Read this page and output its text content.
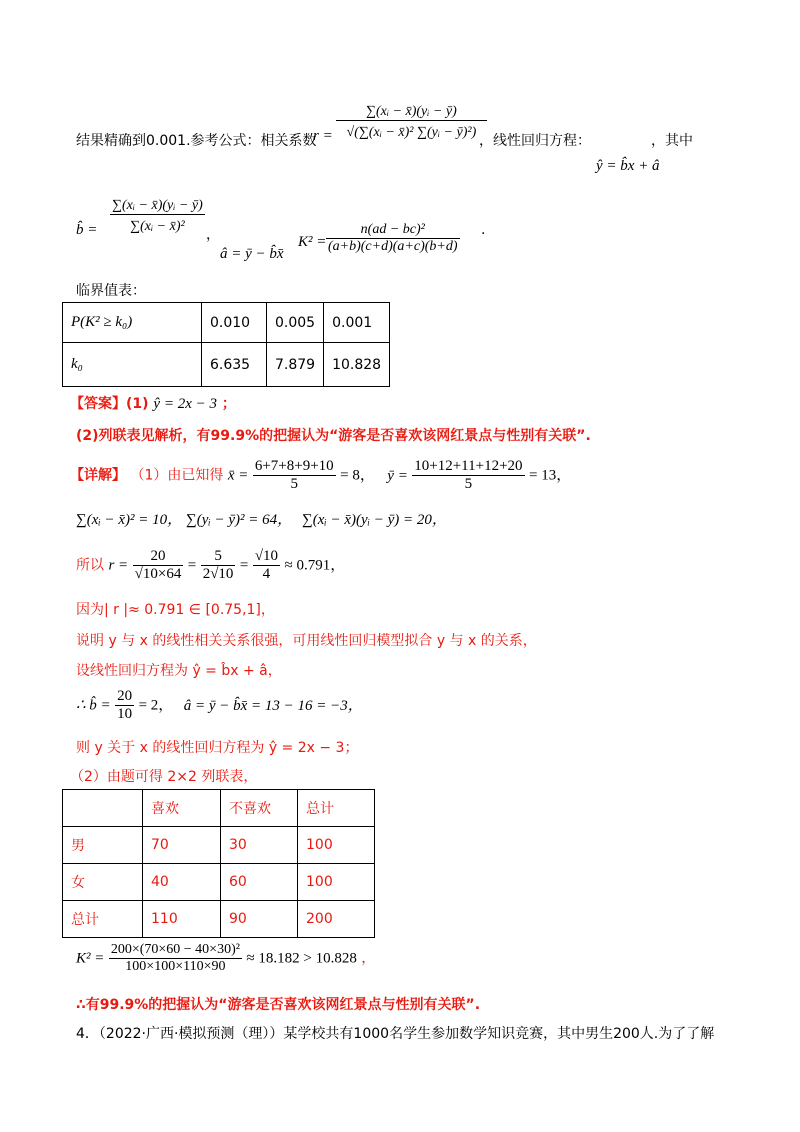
结果精确到0.001.参考公式：相关系数
$r = \frac{\text{∑(xᵢ − x̄)(yᵢ − ȳ)}}{\text{√(∑(xᵢ − x̄)² ∑(yᵢ − ȳ)²)}}$
，线性回归方程：	，其中
ŷ = b̂x + â
b̂ = $\frac{\text{∑(xᵢ − x̄)(yᵢ − ȳ)}}{\text{∑(xᵢ − x̄)²}}$ ，
â = ȳ − b̂x̄
$K^2 = \frac{\text{n(ad − bc)²}}{(a+b)(c+d)(a+c)(b+d)}$ ·
临界值表：
P(K² ≥ k₀)	0.010	0.005	0.001
k₀	6.635	7.879	10.828
【答案】(1) ŷ = 2x − 3 ；
(2)列联表见解析，有99.9%的把握认为“游客是否喜欢该网红景点与性别有关联”.
【详解】 （1）由已知得 x̄ = $\frac{6+7+8+9+10}{5} = 8$， ȳ = $\frac{10+12+11+12+20}{5} = 13$，
∑(xᵢ − x̄)² = 10， ∑(yᵢ − ȳ)² = 64， ∑(xᵢ − x̄)(yᵢ − ȳ) = 20，
所以 $r = \frac{20}{√10\times 64} = \frac{5}{2√10} = \frac{√10}{4} \approx 0.791$，
因为| r |≈ 0.791 ∈ [0.75,1]，
说明 y 与 x 的线性相关关系很强，可用线性回归模型拟合 y 与 x 的关系，
设线性回归方程为 ŷ = b̂x + â，
∴ b̂ = $\frac{20}{10} = 2$， â = ȳ − b̂x̄ = 13 − 16 = −3，
则 y 关于 x 的线性回归方程为 ŷ = 2x − 3；
（2）由题可得 2×2 列联表，
	喜欢	不喜欢	总计
男	70	30	100
女	40	60	100
总计	110	90	200
$K^2 = \frac{\text{200×(70×60 − 40×30)²}}{100\times 100\times 110\times 90} \approx 18.182 > 10.828$ ，
∴有99.9%的把握认为“游客是否喜欢该网红景点与性别有关联”.
4．（2022·广西·模拟预测（理））某学校共有1000名学生参加数学知识竞赛，其中男生200人.为了了解
